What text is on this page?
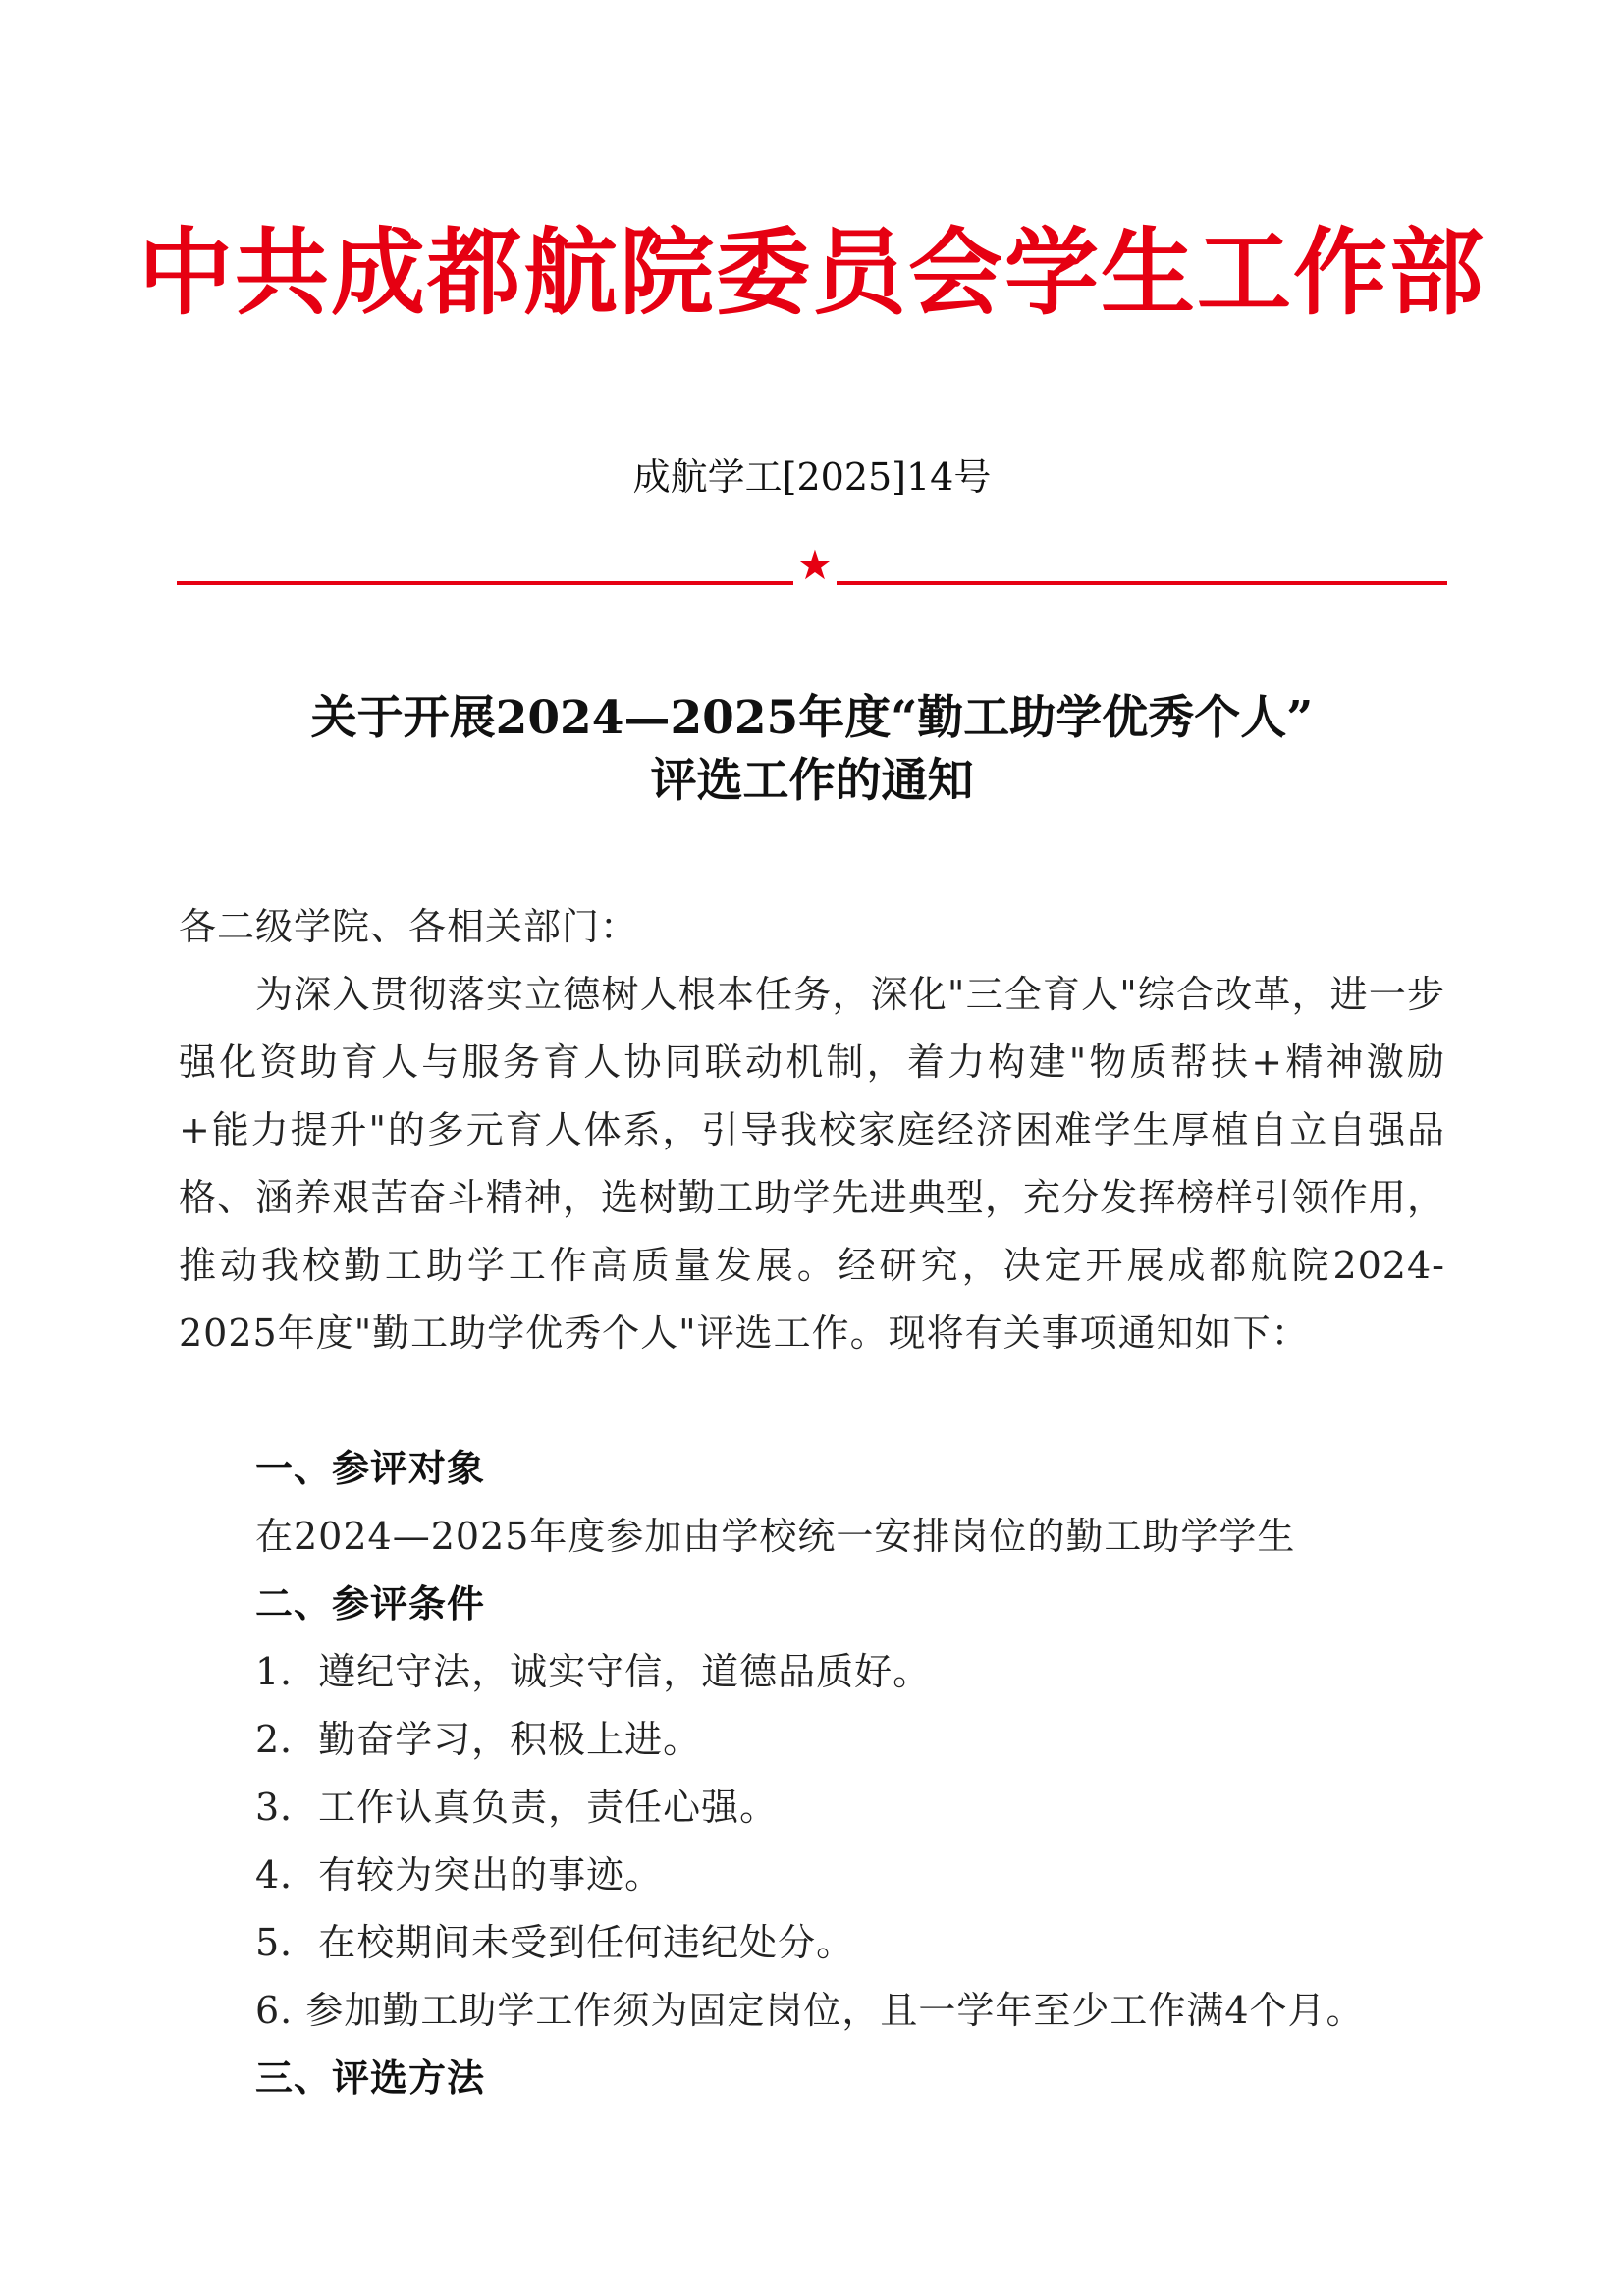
中共成都航院委员会学生工作部
成航学工[2025]14号
★
关于开展2024—2025年度“勤工助学优秀个人”
评选工作的通知

各二级学院、各相关部门：

为深入贯彻落实立德树人根本任务，深化"三全育人"综合改革，进一步强化资助育人与服务育人协同联动机制，着力构建"物质帮扶+精神激励+能力提升"的多元育人体系，引导我校家庭经济困难学生厚植自立自强品格、涵养艰苦奋斗精神，选树勤工助学先进典型，充分发挥榜样引领作用，推动我校勤工助学工作高质量发展。经研究，决定开展成都航院2024-2025年度"勤工助学优秀个人"评选工作。现将有关事项通知如下：

一、参评对象

在2024—2025年度参加由学校统一安排岗位的勤工助学学生

二、参评条件

1．遵纪守法，诚实守信，道德品质好。

2．勤奋学习，积极上进。

3．工作认真负责，责任心强。

4．有较为突出的事迹。

5．在校期间未受到任何违纪处分。

6. 参加勤工助学工作须为固定岗位，且一学年至少工作满4个月。

三、评选方法
